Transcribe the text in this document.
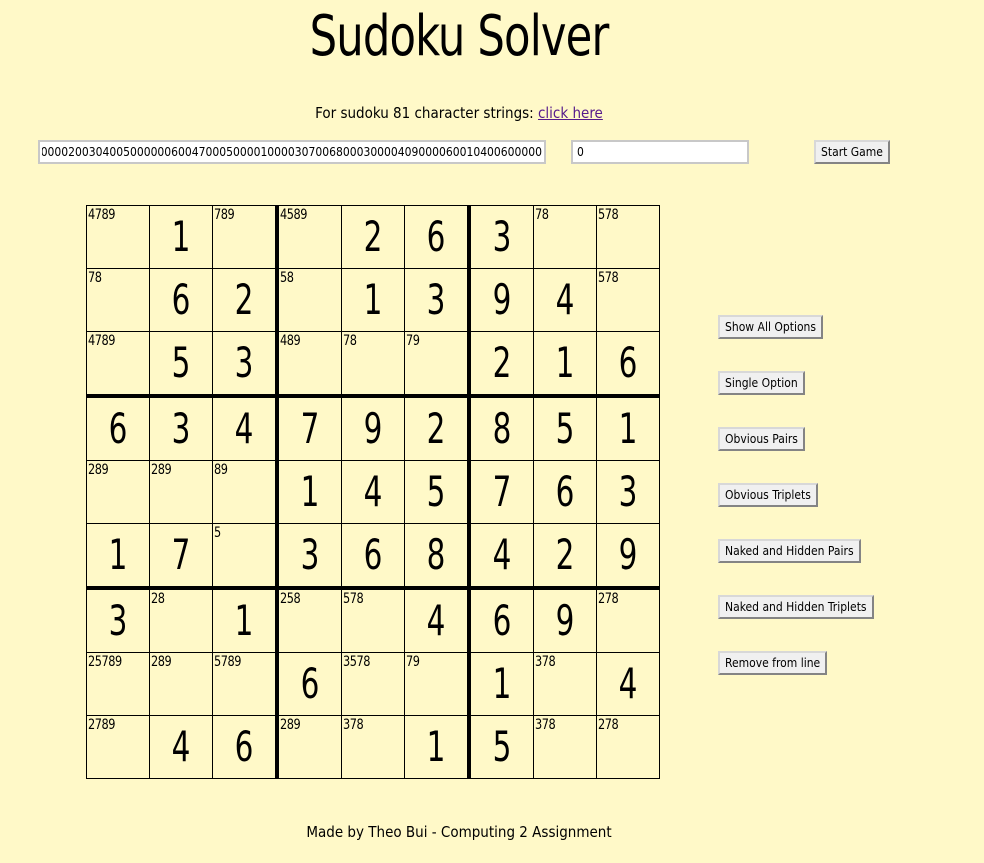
Sudoku Solver
For sudoku 81 character strings: click here
000000200304005000000600470005000010000307006800030000409000060010400600000
0
Start Game
4789	1	789	4589	2	6	3	78	578

78	6	2	58	1	3	9	4	578

4789	5	3	489	78	79	2	1	6

6	3	4	7	9	2	8	5	1

289	289	89	1	4	5	7	6	3

1	7	5	3	6	8	4	2	9

3	28	1	258	578	4	6	9	278

25789	289	5789	6	3578	79	1	378	4

2789	4	6	289	378	1	5	378	278
Show All Options
Single Option
Obvious Pairs
Obvious Triplets
Naked and Hidden Pairs
Naked and Hidden Triplets
Remove from line
Made by Theo Bui - Computing 2 Assignment
